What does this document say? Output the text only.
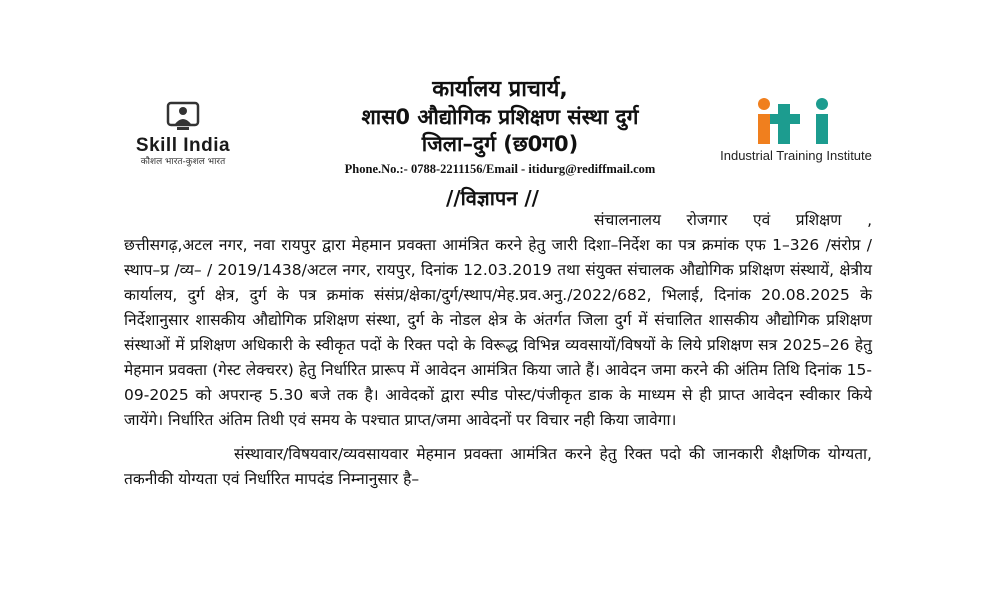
Skill India
कौशल भारत-कुशल भारत
कार्यालय प्राचार्य,
शास0 औद्योगिक प्रशिक्षण संस्था दुर्ग
जिला–दुर्ग (छ0ग0)
Phone.No.:- 0788-2211156/Email - itidurg@rediffmail.com
iti
Industrial Training Institute
//विज्ञापन //

संचालनालय रोजगार एवं प्रशिक्षण , छत्तीसगढ़,अटल नगर, नवा रायपुर द्वारा मेहमान प्रवक्ता आमंत्रित करने हेतु जारी दिशा–निर्देश का पत्र क्रमांक एफ 1–326 /संरोप्र /स्थाप–प्र /व्य– / 2019/1438/अटल नगर, रायपुर, दिनांक 12.03.2019 तथा संयुक्त संचालक औद्योगिक प्रशिक्षण संस्थायें, क्षेत्रीय कार्यालय, दुर्ग क्षेत्र, दुर्ग के पत्र क्रमांक संसंप्र/क्षेका/दुर्ग/स्थाप/मेह.प्रव.अनु./2022/682, भिलाई, दिनांक 20.08.2025 के निर्देशानुसार शासकीय औद्योगिक प्रशिक्षण संस्था, दुर्ग के नोडल क्षेत्र के अंतर्गत जिला दुर्ग में संचालित शासकीय औद्योगिक प्रशिक्षण संस्थाओं में प्रशिक्षण अधिकारी के स्वीकृत पदों के रिक्त पदो के विरूद्ध विभिन्न व्यवसायों/विषयों के लिये प्रशिक्षण सत्र 2025–26 हेतु मेहमान प्रवक्ता (गेस्ट लेक्चरर) हेतु निर्धारित प्रारूप में आवेदन आमंत्रित किया जाते हैं। आवेदन जमा करने की अंतिम तिथि दिनांक 15-09-2025 को अपरान्ह 5.30 बजे तक है। आवेदकों द्वारा स्पीड पोस्ट/पंजीकृत डाक के माध्यम से ही प्राप्त आवेदन स्वीकार किये जायेंगे। निर्धारित अंतिम तिथी एवं समय के पश्चात प्राप्त/जमा आवेदनों पर विचार नही किया जावेगा।

संस्थावार/विषयवार/व्यवसायवार मेहमान प्रवक्ता आमंत्रित करने हेतु रिक्त पदो की जानकारी शैक्षणिक योग्यता, तकनीकी योग्यता एवं निर्धारित मापदंड निम्नानुसार है–
